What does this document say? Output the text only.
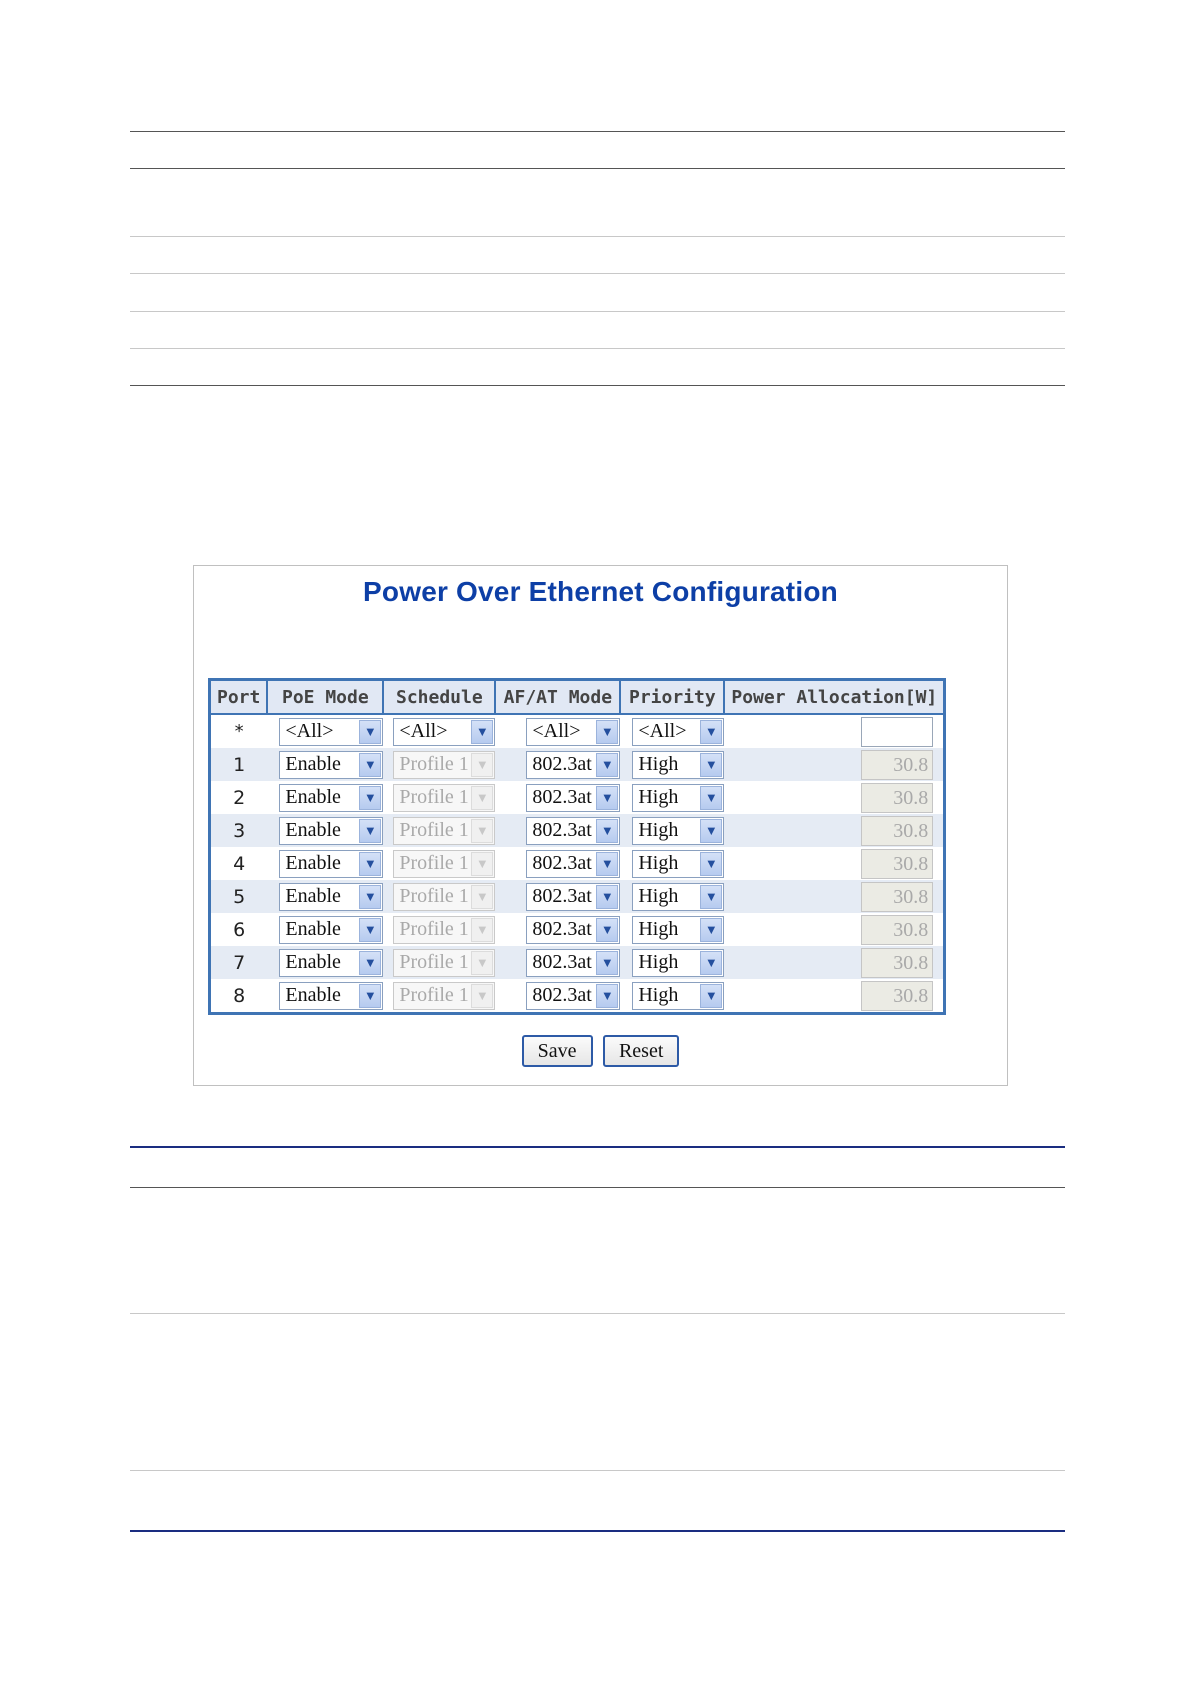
Power Over Ethernet Configuration
Port	PoE Mode	Schedule	AF/AT Mode	Priority	Power Allocation[W]
*	<All> ▼	<All> ▼	<All> ▼	<All> ▼	

1	Enable ▼	Profile 1 ▼	802.3at ▼	High ▼	30.8
2	Enable ▼	Profile 1 ▼	802.3at ▼	High ▼	30.8
3	Enable ▼	Profile 1 ▼	802.3at ▼	High ▼	30.8
4	Enable ▼	Profile 1 ▼	802.3at ▼	High ▼	30.8
5	Enable ▼	Profile 1 ▼	802.3at ▼	High ▼	30.8
6	Enable ▼	Profile 1 ▼	802.3at ▼	High ▼	30.8
7	Enable ▼	Profile 1 ▼	802.3at ▼	High ▼	30.8
8	Enable ▼	Profile 1 ▼	802.3at ▼	High ▼	30.8
Save Reset
